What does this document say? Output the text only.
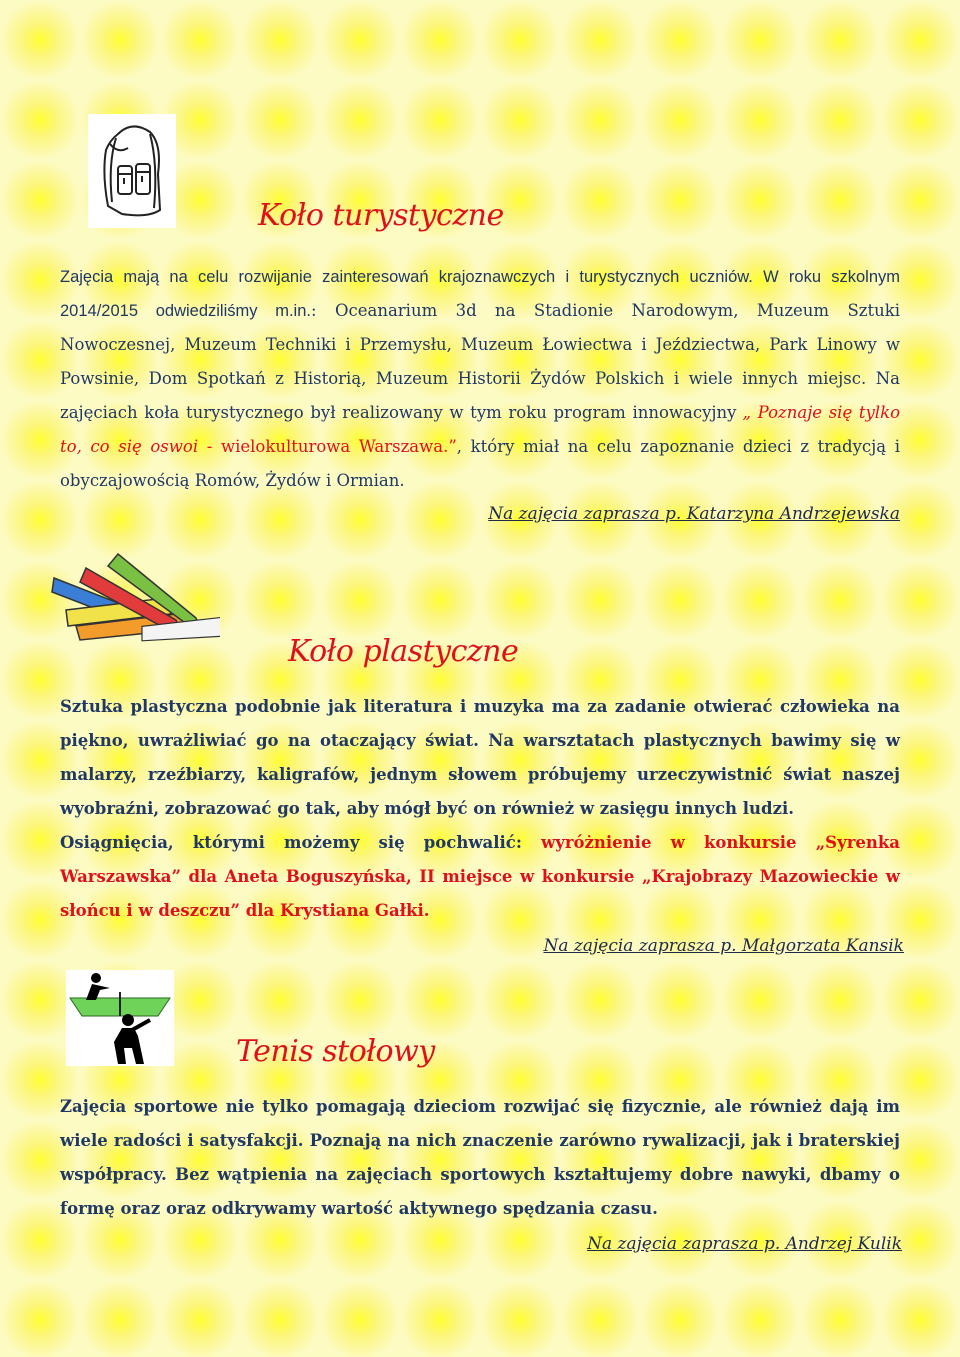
Koło turystyczne

Zajęcia mają na celu rozwijanie zainteresowań krajoznawczych i turystycznych uczniów. W roku szkolnym 2014/2015 odwiedziliśmy m.in.: Oceanarium 3d na Stadionie Narodowym, Muzeum Sztuki Nowoczesnej, Muzeum Techniki i Przemysłu, Muzeum Łowiectwa i Jeździectwa, Park Linowy w Powsinie, Dom Spotkań z Historią, Muzeum Historii Żydów Polskich i wiele innych miejsc. Na zajęciach koła turystycznego był realizowany w tym roku program innowacyjny „ Poznaje się tylko to, co się oswoi - wielokulturowa Warszawa.”, który miał na celu zapoznanie dzieci z tradycją i obyczajowością Romów, Żydów i Ormian.

Na zajęcia zaprasza p. Katarzyna Andrzejewska
Koło plastyczne

Sztuka plastyczna podobnie jak literatura i muzyka ma za zadanie otwierać człowieka na piękno, uwrażliwiać go na otaczający świat. Na warsztatach plastycznych bawimy się w malarzy, rzeźbiarzy, kaligrafów, jednym słowem próbujemy urzeczywistnić świat naszej wyobraźni, zobrazować go tak, aby mógł być on również w zasięgu innych ludzi.

Osiągnięcia, którymi możemy się pochwalić: wyróżnienie w konkursie „Syrenka Warszawska” dla Aneta Boguszyńska, II miejsce w konkursie „Krajobrazy Mazowieckie w słońcu i w deszczu” dla Krystiana Gałki.

Na zajęcia zaprasza p. Małgorzata Kansik
Tenis stołowy

Zajęcia sportowe nie tylko pomagają dzieciom rozwijać się fizycznie, ale również dają im wiele radości i satysfakcji. Poznają na nich znaczenie zarówno rywalizacji, jak i braterskiej współpracy. Bez wątpienia na zajęciach sportowych kształtujemy dobre nawyki, dbamy o formę oraz oraz odkrywamy wartość aktywnego spędzania czasu.

Na zajęcia zaprasza p. Andrzej Kulik
